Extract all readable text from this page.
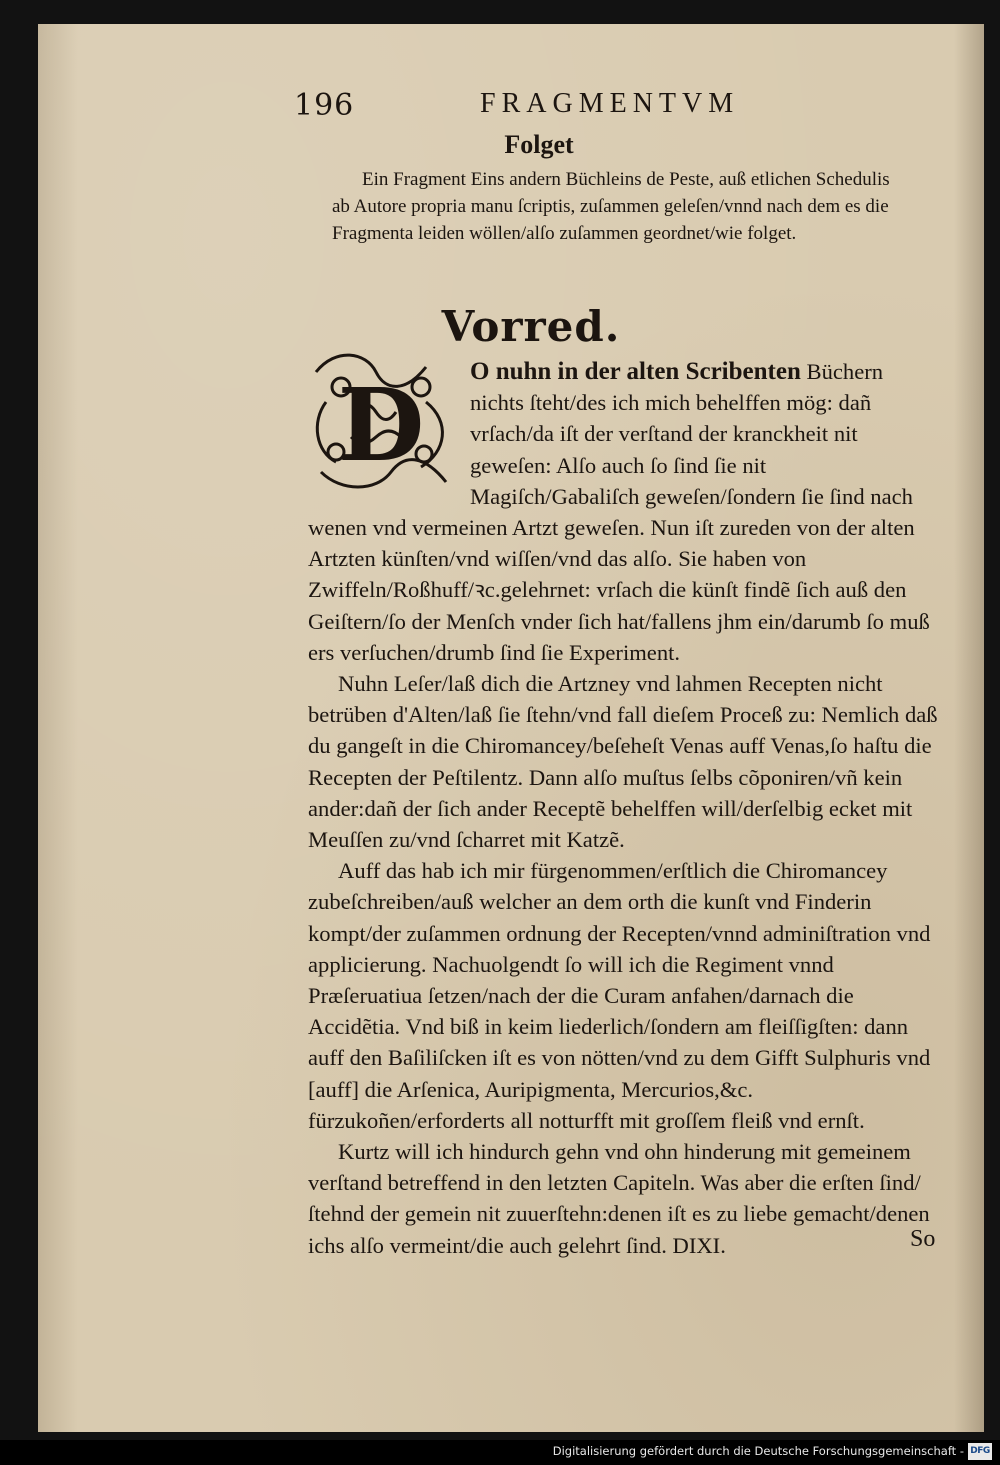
196	FRAGMENTVM
Folget

Ein Fragment Eins andern Büchleins de Peste, auß etlichen Schedulis ab Autore propria manu ſcriptis, zuſammen geleſen/vnnd nach dem es die Fragmenta leiden wöllen/alſo zuſammen geordnet/wie folget.

Vorred.
D	O nuhn in der alten Scribenten Büchern nichts ſteht/des ich mich behelffen mög: dañ vrſach/da iſt der verſtand der kranckheit nit geweſen: Alſo auch ſo ſind ſie nit Magiſch/Gabaliſch geweſen/ſondern ſie ſind nach wenen vnd vermeinen Artzt geweſen. Nun iſt zureden von der alten Artzten künſten/vnd wiſſen/vnd das alſo. Sie haben von Zwiffeln/Roßhuff/ꝛc.gelehrnet: vrſach die künſt findẽ ſich auß den Geiſtern/ſo der Menſch vnder ſich hat/fallens jhm ein/darumb ſo muß ers verſuchen/drumb ſind ſie Experiment.

Nuhn Leſer/laß dich die Artzney vnd lahmen Recepten nicht betrüben d'Alten/laß ſie ſtehn/vnd fall dieſem Proceß zu: Nemlich daß du gangeſt in die Chiromancey/beſeheſt Venas auff Venas,ſo haſtu die Recepten der Peſtilentz. Dann alſo muſtus ſelbs cõponiren/vñ kein ander:dañ der ſich ander Receptẽ behelffen will/derſelbig ecket mit Meuſſen zu/vnd ſcharret mit Katzẽ.

Auff das hab ich mir fürgenommen/erſtlich die Chiromancey zubeſchreiben/auß welcher an dem orth die kunſt vnd Finderin kompt/der zuſammen ordnung der Recepten/vnnd adminiſtration vnd applicierung. Nachuolgendt ſo will ich die Regiment vnnd Præſeruatiua ſetzen/nach der die Curam anfahen/darnach die Accidẽtia. Vnd biß in keim liederlich/ſondern am fleiſſigſten: dann auff den Baſiliſcken iſt es von nötten/vnd zu dem Gifft Sulphuris vnd [auff] die Arſenica, Auripigmenta, Mercurios,&c. fürzukoñen/erforderts all notturfft mit groſſem fleiß vnd ernſt.

Kurtz will ich hindurch gehn vnd ohn hinderung mit gemeinem verſtand betreffend in den letzten Capiteln. Was aber die erſten ſind/ſtehnd der gemein nit zuuerſtehn:denen iſt es zu liebe gemacht/denen ichs alſo vermeint/die auch gelehrt ſind. DIXI.	So
Digitalisierung gefördert durch die Deutsche Forschungsgemeinschaft - DFG
